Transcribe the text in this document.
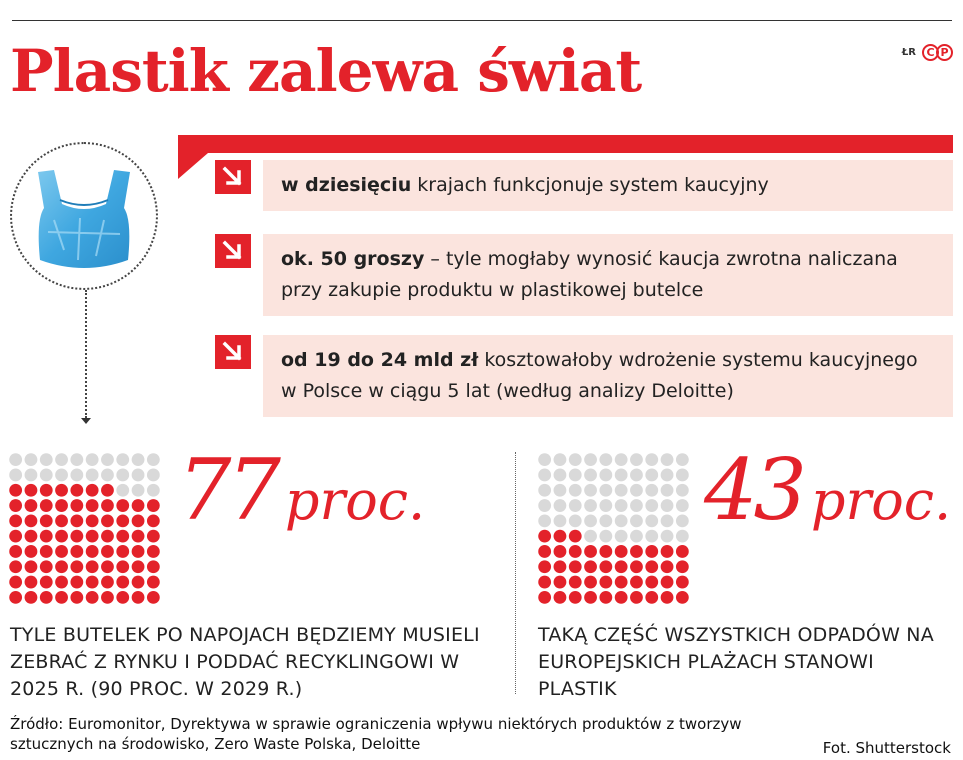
Plastik zalewa świat	ŁR C P
w dziesięciu krajach funkcjonuje system kaucyjny
ok. 50 groszy – tyle mogłaby wynosić kaucja zwrotna naliczana przy zakupie produktu w plastikowej butelce
od 19 do 24 mld zł kosztowałoby wdrożenie systemu kaucyjnego w Polsce w ciągu 5 lat (według analizy Deloitte)
77 proc.
TYLE BUTELEK PO NAPOJACH BĘDZIEMY MUSIELI ZEBRAĆ Z RYNKU I PODDAĆ RECYKLINGOWI W 2025 R. (90 PROC. W 2029 R.)
43 proc.
TAKĄ CZĘŚĆ WSZYSTKICH ODPADÓW NA EUROPEJSKICH PLAŻACH STANOWI PLASTIK
Źródło: Euromonitor, Dyrektywa w sprawie ograniczenia wpływu niektórych produktów z tworzyw sztucznych na środowisko, Zero Waste Polska, Deloitte	Fot. Shutterstock
